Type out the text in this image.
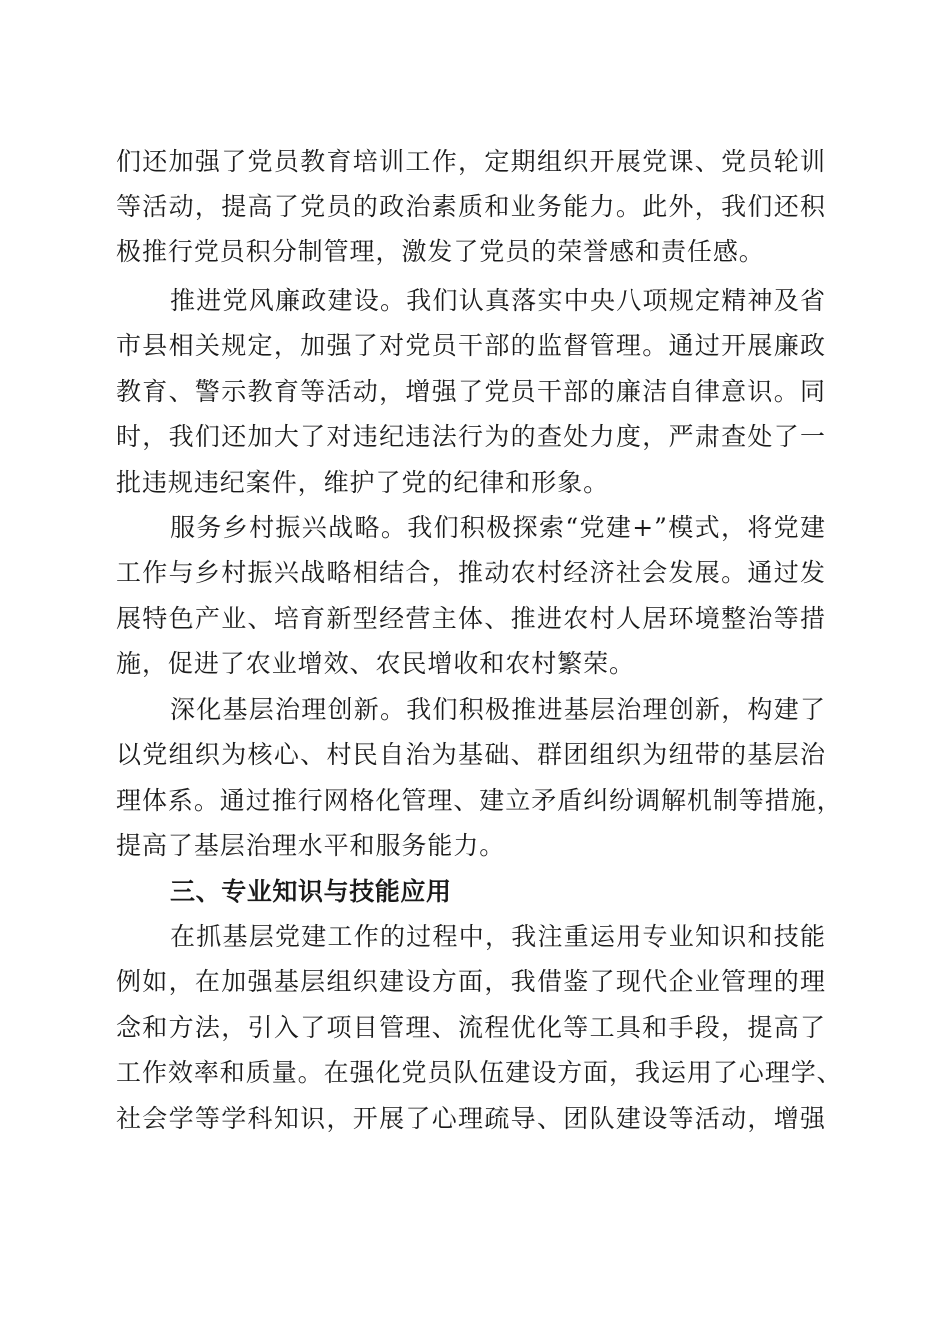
们还加强了党员教育培训工作，定期组织开展党课、党员轮训
等活动，提高了党员的政治素质和业务能力。此外，我们还积
极推行党员积分制管理，激发了党员的荣誉感和责任感。
推进党风廉政建设。我们认真落实中央八项规定精神及省
市县相关规定，加强了对党员干部的监督管理。通过开展廉政
教育、警示教育等活动，增强了党员干部的廉洁自律意识。同
时，我们还加大了对违纪违法行为的查处力度，严肃查处了一
批违规违纪案件，维护了党的纪律和形象。
服务乡村振兴战略。我们积极探索“党建+”模式，将党建
工作与乡村振兴战略相结合，推动农村经济社会发展。通过发
展特色产业、培育新型经营主体、推进农村人居环境整治等措
施，促进了农业增效、农民增收和农村繁荣。
深化基层治理创新。我们积极推进基层治理创新，构建了
以党组织为核心、村民自治为基础、群团组织为纽带的基层治
理体系。通过推行网格化管理、建立矛盾纠纷调解机制等措施，
提高了基层治理水平和服务能力。
三、专业知识与技能应用
在抓基层党建工作的过程中，我注重运用专业知识和技能
例如，在加强基层组织建设方面，我借鉴了现代企业管理的理
念和方法，引入了项目管理、流程优化等工具和手段，提高了
工作效率和质量。在强化党员队伍建设方面，我运用了心理学、
社会学等学科知识，开展了心理疏导、团队建设等活动，增强
